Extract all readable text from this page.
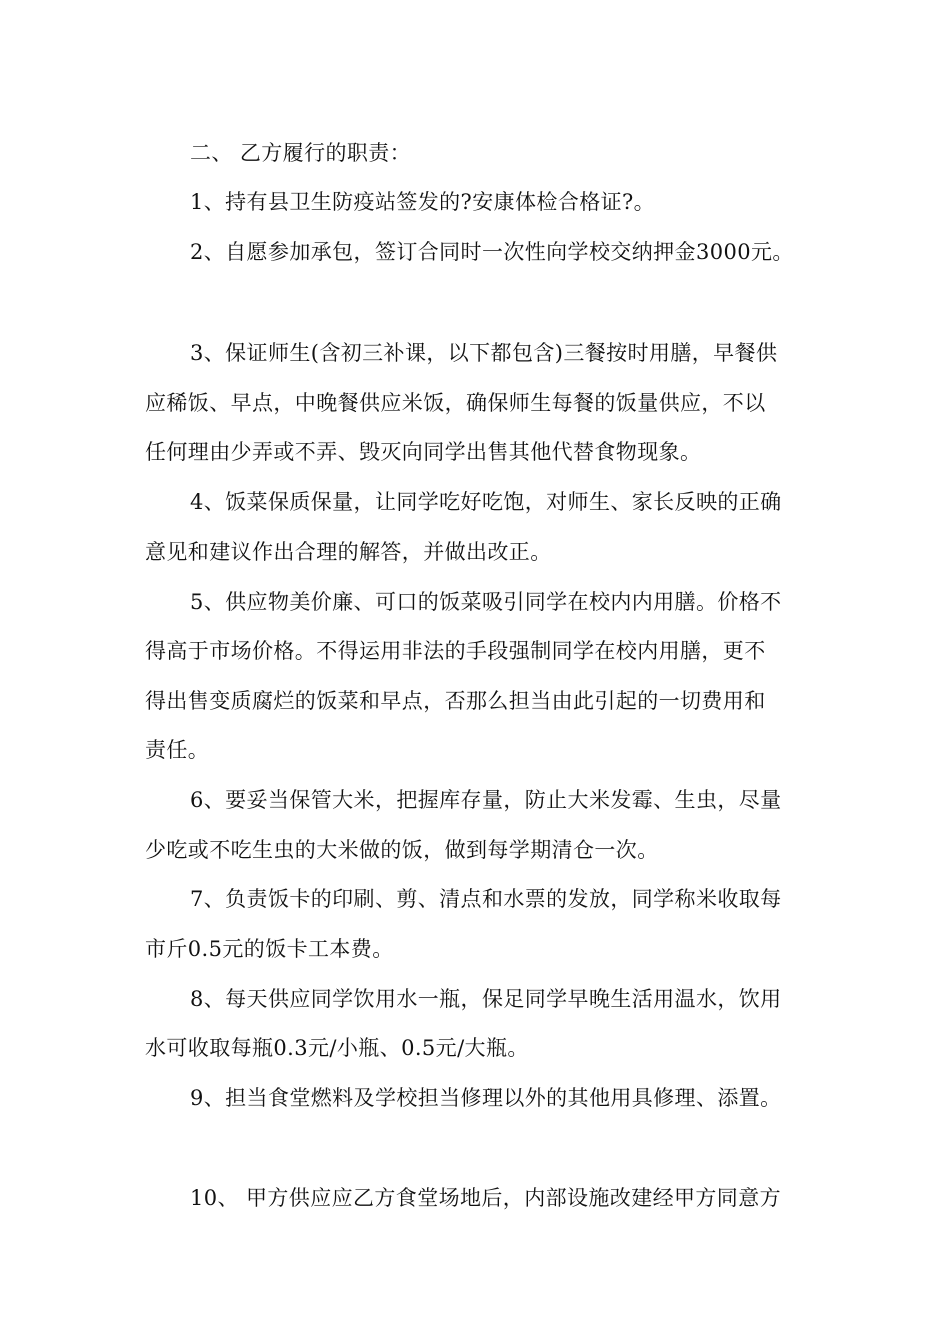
二、 乙方履行的职责：
1、持有县卫生防疫站签发的?安康体检合格证?。
2、自愿参加承包，签订合同时一次性向学校交纳押金3000元。
3、保证师生(含初三补课，以下都包含)三餐按时用膳，早餐供
应稀饭、早点，中晚餐供应米饭，确保师生每餐的饭量供应，不以
任何理由少弄或不弄、毁灭向同学出售其他代替食物现象。
4、饭菜保质保量，让同学吃好吃饱，对师生、家长反映的正确
意见和建议作出合理的解答，并做出改正。
5、供应物美价廉、可口的饭菜吸引同学在校内内用膳。价格不
得高于市场价格。不得运用非法的手段强制同学在校内用膳，更不
得出售变质腐烂的饭菜和早点，否那么担当由此引起的一切费用和
责任。
6、要妥当保管大米，把握库存量，防止大米发霉、生虫，尽量
少吃或不吃生虫的大米做的饭，做到每学期清仓一次。
7、负责饭卡的印刷、剪、清点和水票的发放，同学称米收取每
市斤0.5元的饭卡工本费。
8、每天供应同学饮用水一瓶，保足同学早晚生活用温水，饮用
水可收取每瓶0.3元/小瓶、0.5元/大瓶。
9、担当食堂燃料及学校担当修理以外的其他用具修理、添置。
10、 甲方供应应乙方食堂场地后，内部设施改建经甲方同意方
